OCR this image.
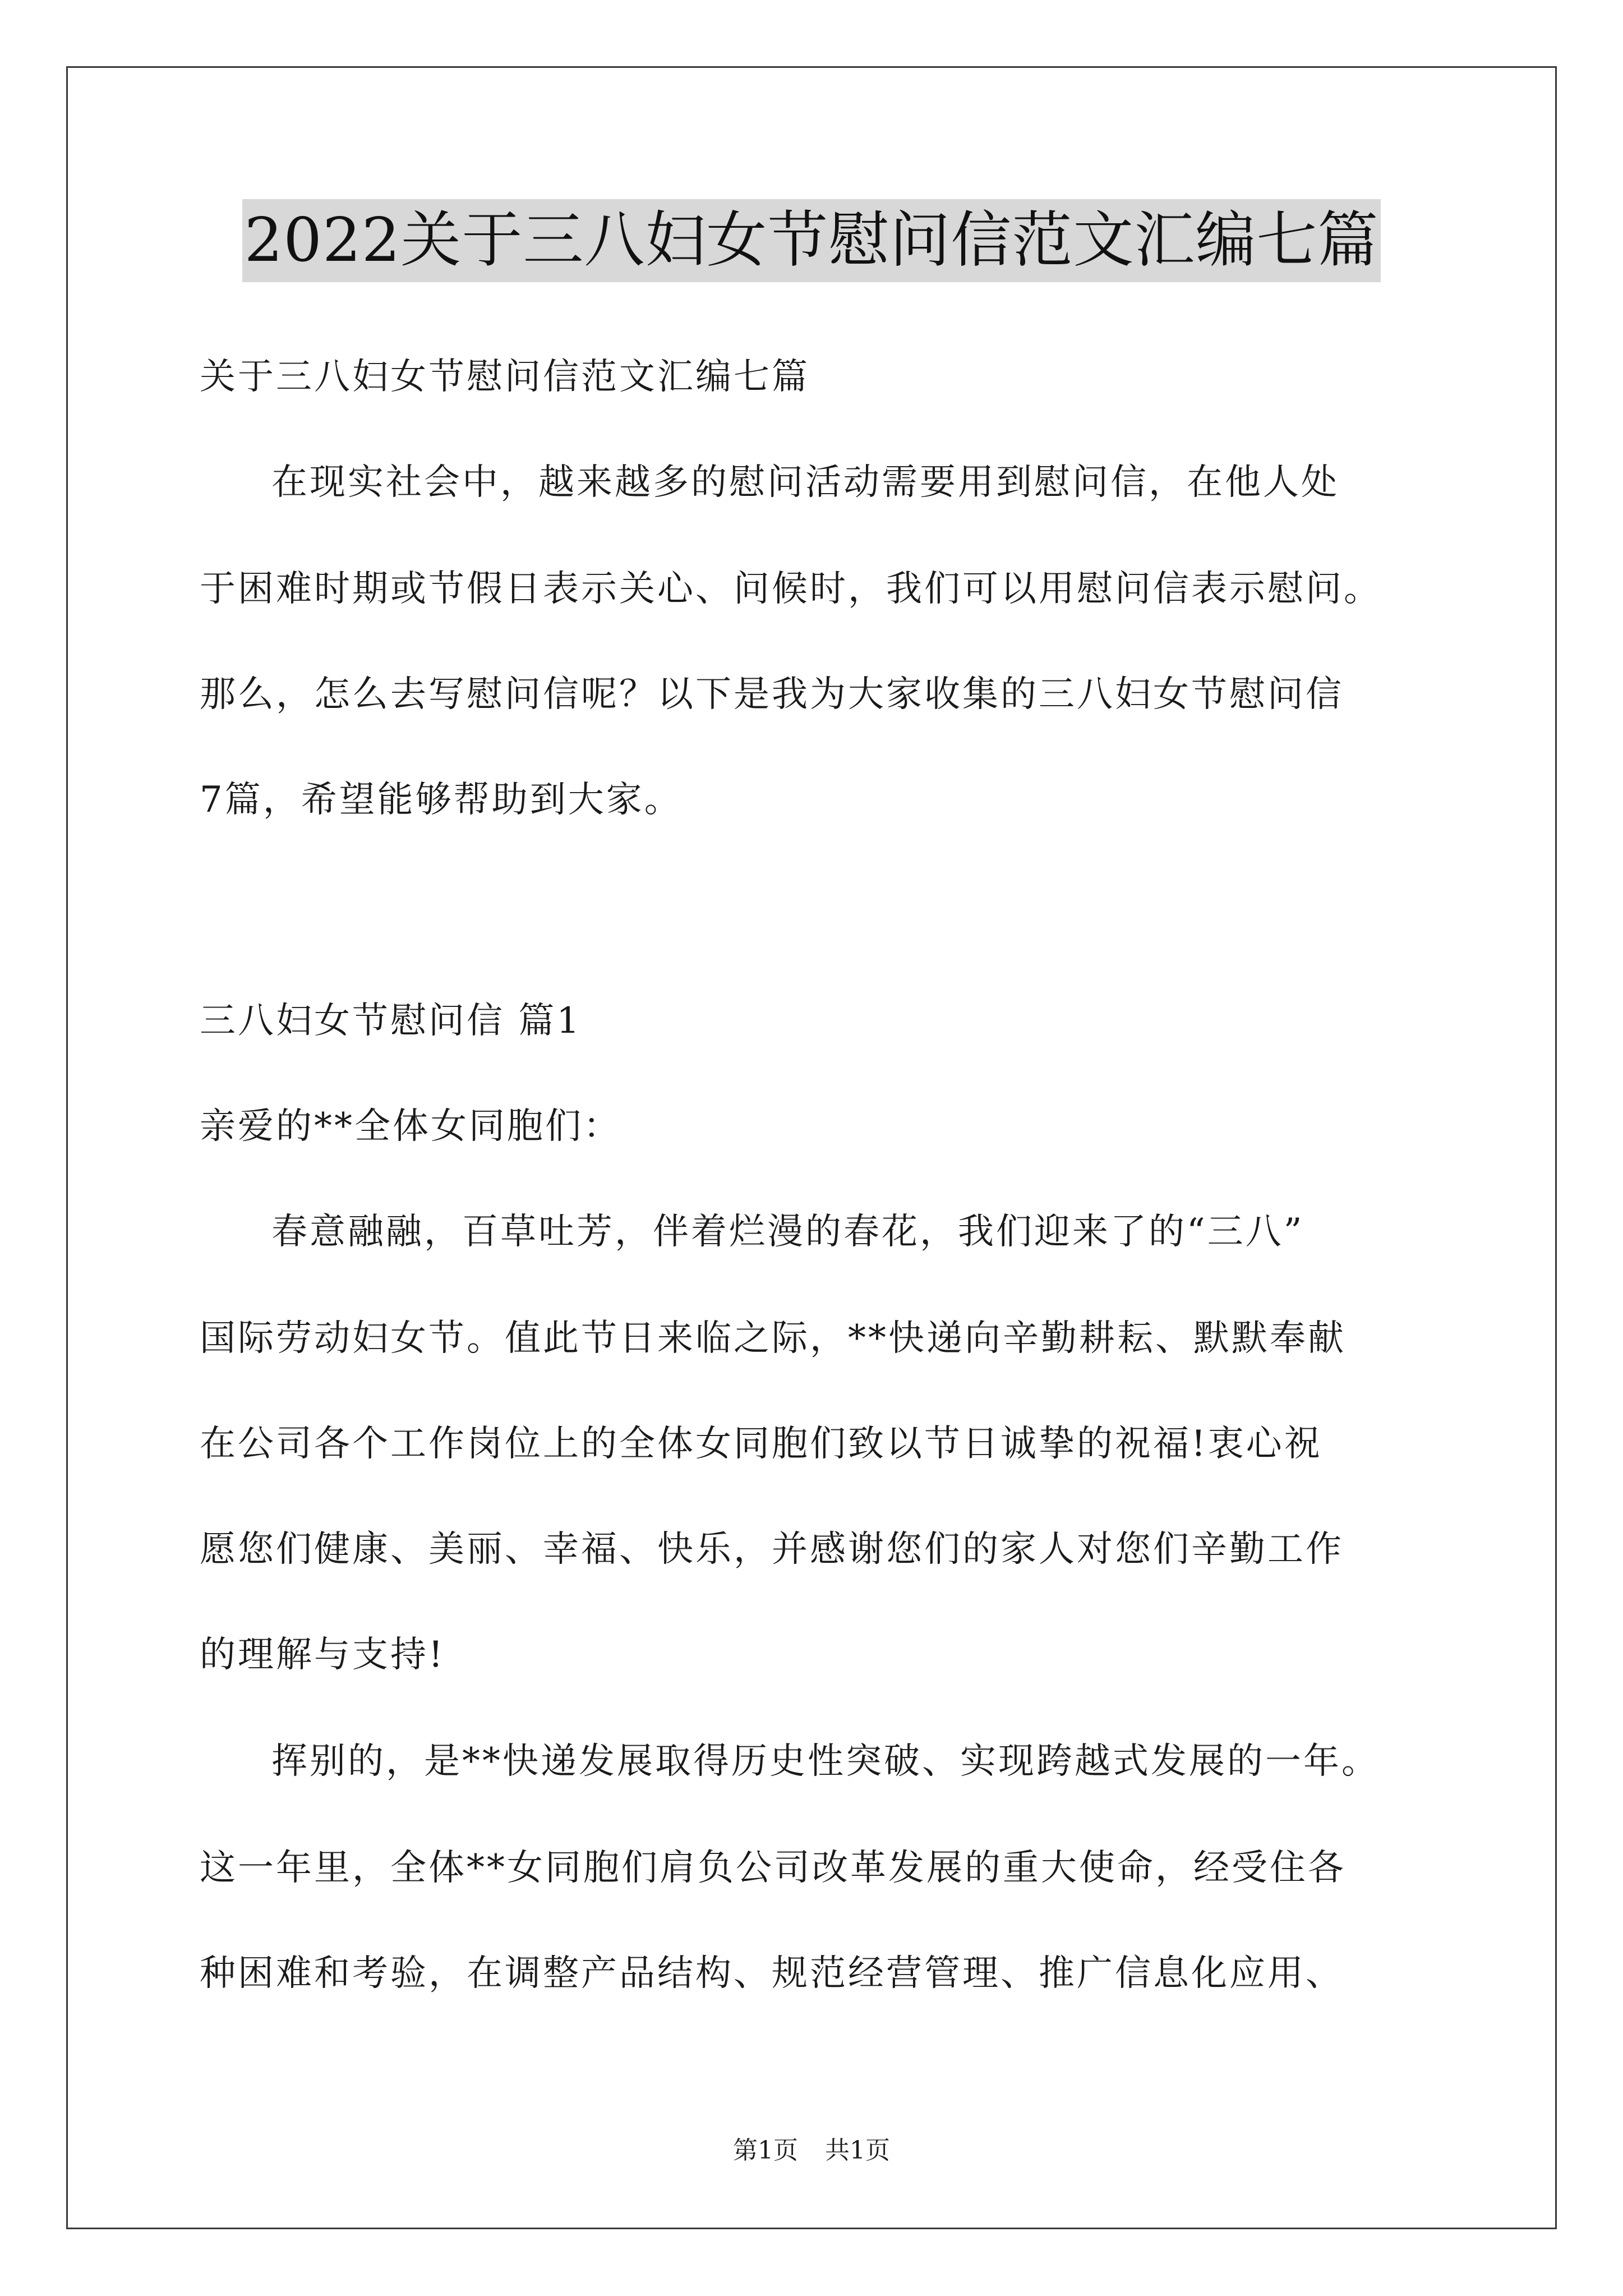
2022关于三八妇女节慰问信范文汇编七篇
关于三八妇女节慰问信范文汇编七篇
在现实社会中，越来越多的慰问活动需要用到慰问信，在他人处
于困难时期或节假日表示关心、问候时，我们可以用慰问信表示慰问。
那么，怎么去写慰问信呢？以下是我为大家收集的三八妇女节慰问信
7篇，希望能够帮助到大家。
三八妇女节慰问信 篇1
亲爱的**全体女同胞们：
春意融融，百草吐芳，伴着烂漫的春花，我们迎来了的“三八”
国际劳动妇女节。值此节日来临之际，**快递向辛勤耕耘、默默奉献
在公司各个工作岗位上的全体女同胞们致以节日诚挚的祝福!衷心祝
愿您们健康、美丽、幸福、快乐，并感谢您们的家人对您们辛勤工作
的理解与支持!
挥别的，是**快递发展取得历史性突破、实现跨越式发展的一年。
这一年里，全体**女同胞们肩负公司改革发展的重大使命，经受住各
种困难和考验，在调整产品结构、规范经营管理、推广信息化应用、
第1页 共1页
